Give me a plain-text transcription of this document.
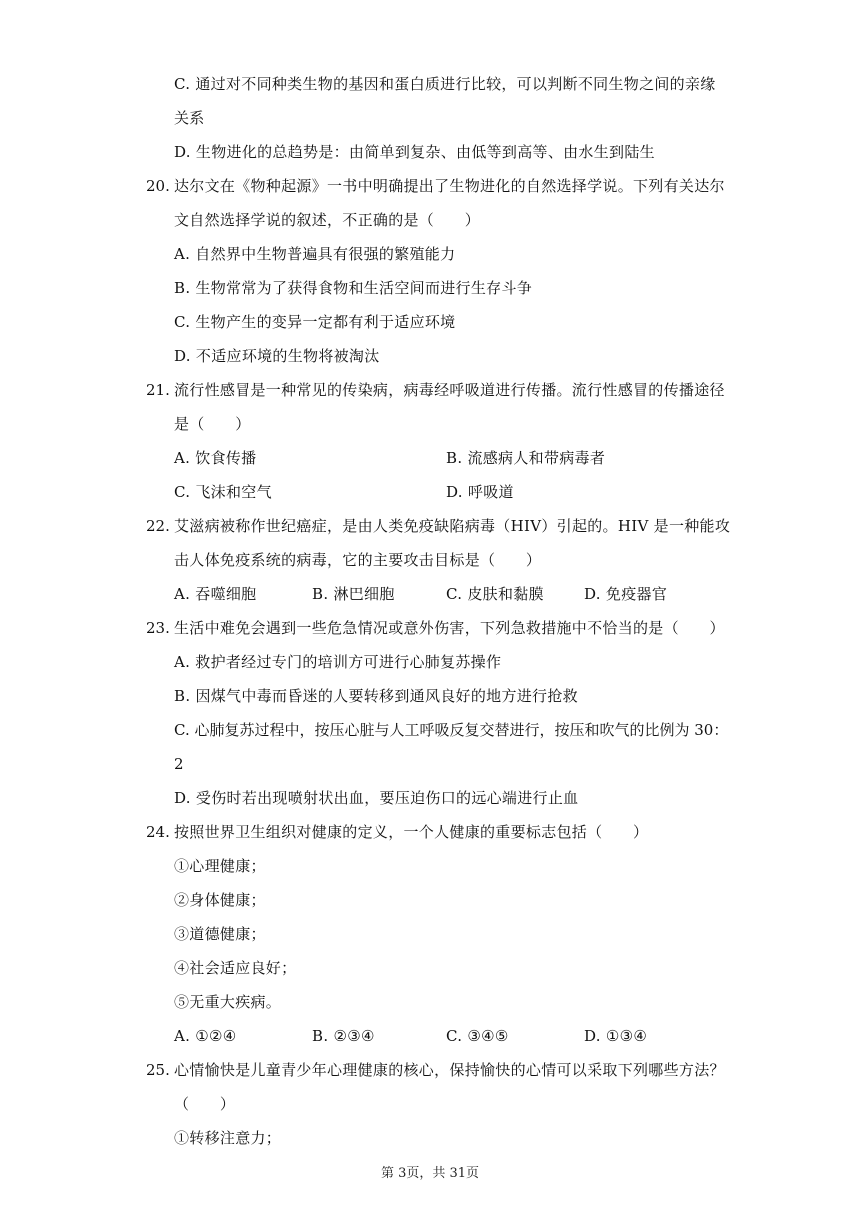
C. 通过对不同种类生物的基因和蛋白质进行比较，可以判断不同生物之间的亲缘
关系
D. 生物进化的总趋势是：由简单到复杂、由低等到高等、由水生到陆生
20. 达尔文在《物种起源》一书中明确提出了生物进化的自然选择学说。下列有关达尔
文自然选择学说的叙述，不正确的是（　　）
A. 自然界中生物普遍具有很强的繁殖能力
B. 生物常常为了获得食物和生活空间而进行生存斗争
C. 生物产生的变异一定都有利于适应环境
D. 不适应环境的生物将被淘汰
21. 流行性感冒是一种常见的传染病，病毒经呼吸道进行传播。流行性感冒的传播途径
是（　　）
A. 饮食传播	B. 流感病人和带病毒者
C. 飞沫和空气	D. 呼吸道
22. 艾滋病被称作世纪癌症，是由人类免疫缺陷病毒（HIV）引起的。HIV 是一种能攻
击人体免疫系统的病毒，它的主要攻击目标是（　　）
A. 吞噬细胞	B. 淋巴细胞	C. 皮肤和黏膜	D. 免疫器官
23. 生活中难免会遇到一些危急情况或意外伤害，下列急救措施中不恰当的是（　　）
A. 救护者经过专门的培训方可进行心肺复苏操作
B. 因煤气中毒而昏迷的人要转移到通风良好的地方进行抢救
C. 心肺复苏过程中，按压心脏与人工呼吸反复交替进行，按压和吹气的比例为 30：
2
D. 受伤时若出现喷射状出血，要压迫伤口的远心端进行止血
24. 按照世界卫生组织对健康的定义，一个人健康的重要标志包括（　　）
①心理健康；
②身体健康；
③道德健康；
④社会适应良好；
⑤无重大疾病。
A. ①②④	B. ②③④	C. ③④⑤	D. ①③④
25. 心情愉快是儿童青少年心理健康的核心，保持愉快的心情可以采取下列哪些方法？
（　　）
①转移注意力；
第 3页，共 31页
